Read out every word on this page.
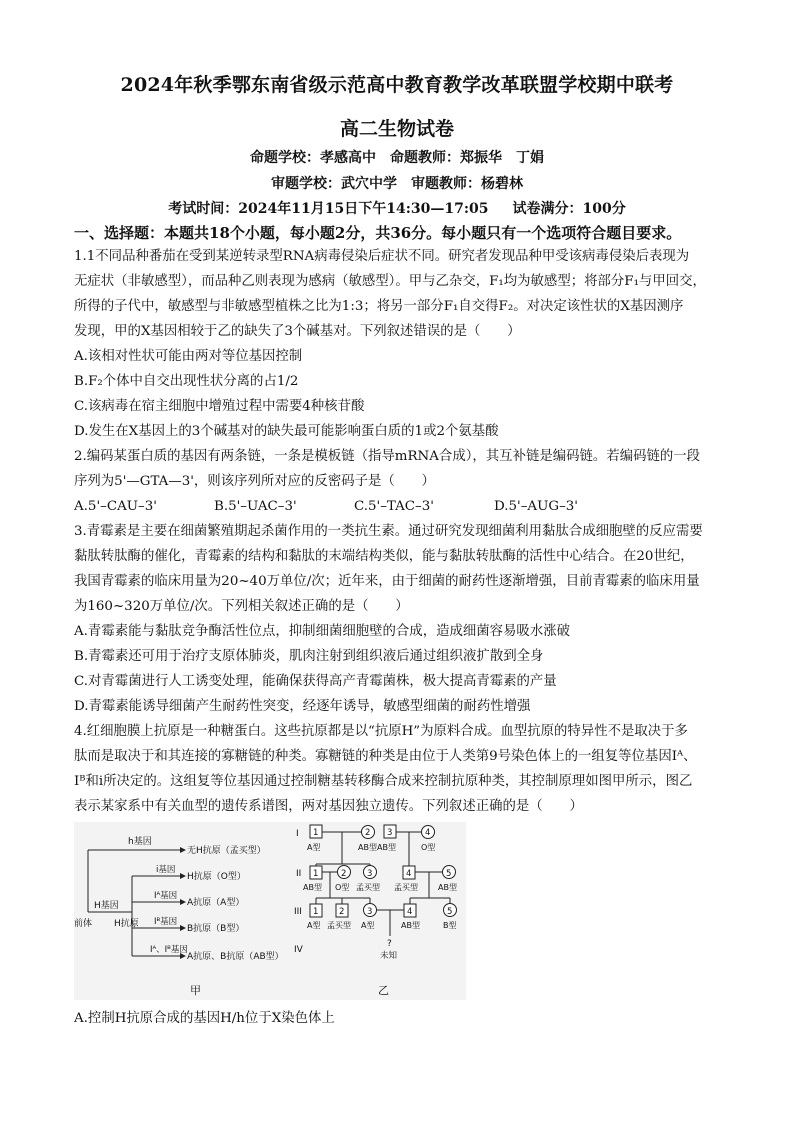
2024年秋季鄂东南省级示范高中教育教学改革联盟学校期中联考
高二生物试卷
命题学校：孝感高中 命题教师：郑振华　丁娟
审题学校：武穴中学 审题教师：杨碧林
考试时间：2024年11月15日下午14:30—17:05 试卷满分：100分
一、选择题：本题共18个小题，每小题2分，共36分。每小题只有一个选项符合题目要求。
1.1不同品种番茄在受到某逆转录型RNA病毒侵染后症状不同。研究者发现品种甲受该病毒侵染后表现为
无症状（非敏感型），而品种乙则表现为感病（敏感型）。甲与乙杂交，F₁均为敏感型；将部分F₁与甲回交，
所得的子代中，敏感型与非敏感型植株之比为1:3；将另一部分F₁自交得F₂。对决定该性状的X基因测序
发现，甲的X基因相较于乙的缺失了3个碱基对。下列叙述错误的是（　　）
A.该相对性状可能由两对等位基因控制
B.F₂个体中自交出现性状分离的占1/2
C.该病毒在宿主细胞中增殖过程中需要4种核苷酸
D.发生在X基因上的3个碱基对的缺失最可能影响蛋白质的1或2个氨基酸
2.编码某蛋白质的基因有两条链，一条是模板链（指导mRNA合成），其互补链是编码链。若编码链的一段
序列为5'—GTA—3'，则该序列所对应的反密码子是（　　）
A.5'–CAU–3'	B.5'–UAC–3'	C.5'–TAC–3'	D.5'–AUG–3'
3.青霉素是主要在细菌繁殖期起杀菌作用的一类抗生素。通过研究发现细菌利用黏肽合成细胞壁的反应需要
黏肽转肽酶的催化，青霉素的结构和黏肽的末端结构类似，能与黏肽转肽酶的活性中心结合。在20世纪，
我国青霉素的临床用量为20~40万单位/次；近年来，由于细菌的耐药性逐渐增强，目前青霉素的临床用量
为160~320万单位/次。下列相关叙述正确的是（　　）
A.青霉素能与黏肽竞争酶活性位点，抑制细菌细胞壁的合成，造成细菌容易吸水涨破
B.青霉素还可用于治疗支原体肺炎，肌肉注射到组织液后通过组织液扩散到全身
C.对青霉菌进行人工诱变处理，能确保获得高产青霉菌株，极大提高青霉素的产量
D.青霉素能诱导细菌产生耐药性突变，经逐年诱导，敏感型细菌的耐药性增强
4.红细胞膜上抗原是一种糖蛋白。这些抗原都是以“抗原H”为原料合成。血型抗原的特异性不是取决于多
肽而是取决于和其连接的寡糖链的种类。寡糖链的种类是由位于人类第9号染色体上的一组复等位基因Iᴬ、
Iᴮ和i所决定的。这组复等位基因通过控制糖基转移酶合成来控制抗原种类，其控制原理如图甲所示，图乙
表示某家系中有关血型的遗传系谱图，两对基因独立遗传。下列叙述正确的是（　　）
前体
h基因
H基因
H抗原
i基因
Iᴬ基因
Iᴮ基因
Iᴬ、Iᴮ基因
无H抗原（孟买型）
H抗原（O型）
A抗原（A型）
B抗原（B型）
A抗原、B抗原（AB型）
甲
I
II
III
IV
1	2 3	4
1	2 3	4	5
1 2	3	4	5
A型	AB型 AB型	O型
AB型 O型 孟买型 孟买型	AB型
A型 孟买型 A型	AB型	B型
?
未知
乙
A.控制H抗原合成的基因H/h位于X染色体上
